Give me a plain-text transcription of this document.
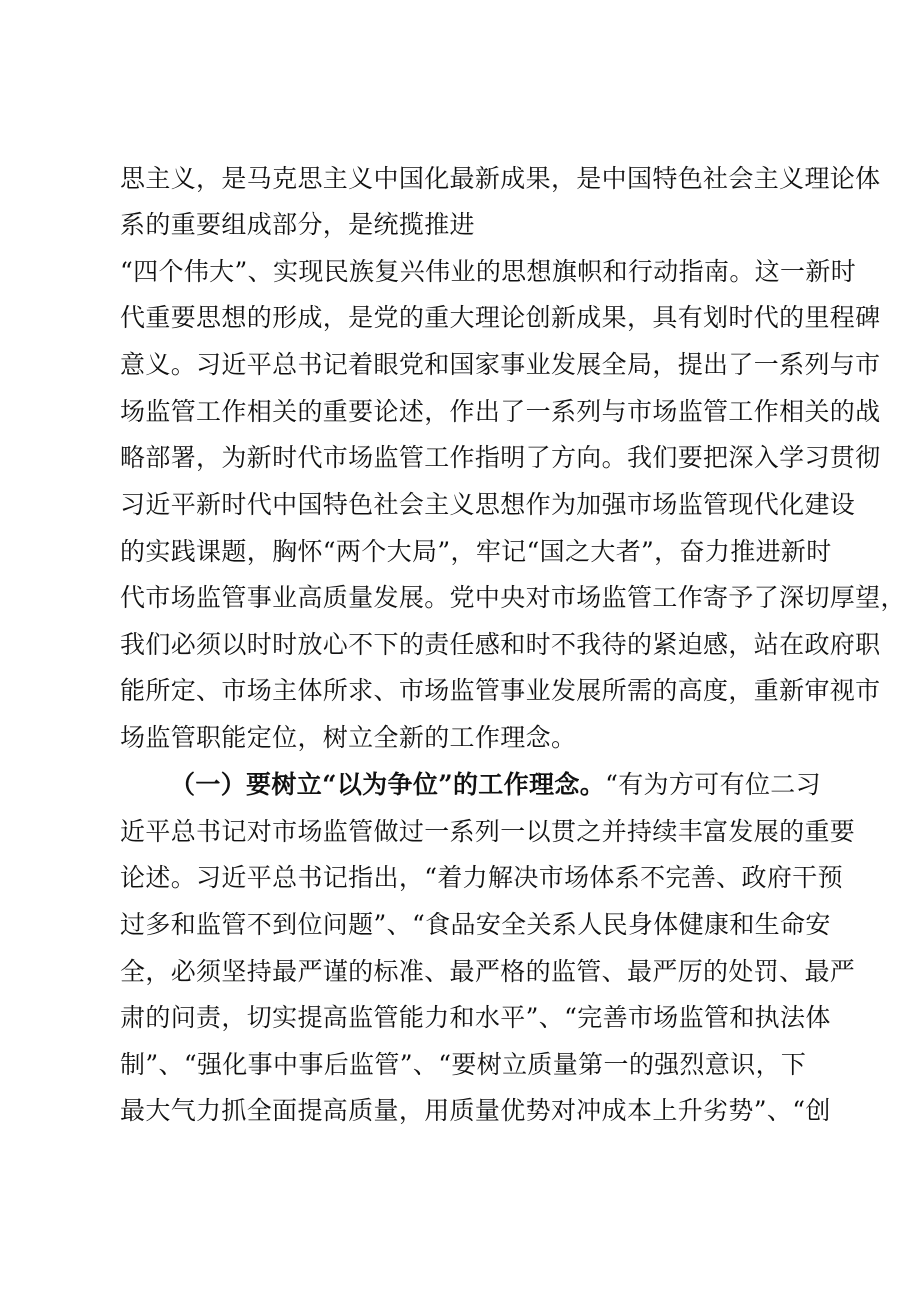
思主义，是马克思主义中国化最新成果，是中国特色社会主义理论体
系的重要组成部分，是统揽推进
“四个伟大”、实现民族复兴伟业的思想旗帜和行动指南。这一新时
代重要思想的形成，是党的重大理论创新成果，具有划时代的里程碑
意义。习近平总书记着眼党和国家事业发展全局，提出了一系列与市
场监管工作相关的重要论述，作出了一系列与市场监管工作相关的战
略部署，为新时代市场监管工作指明了方向。我们要把深入学习贯彻
习近平新时代中国特色社会主义思想作为加强市场监管现代化建设
的实践课题，胸怀“两个大局”，牢记“国之大者”，奋力推进新时
代市场监管事业高质量发展。党中央对市场监管工作寄予了深切厚望，
我们必须以时时放心不下的责任感和时不我待的紧迫感，站在政府职
能所定、市场主体所求、市场监管事业发展所需的高度，重新审视市
场监管职能定位，树立全新的工作理念。
（一）要树立“以为争位”的工作理念。“有为方可有位二习
近平总书记对市场监管做过一系列一以贯之并持续丰富发展的重要
论述。习近平总书记指出，“着力解决市场体系不完善、政府干预
过多和监管不到位问题”、“食品安全关系人民身体健康和生命安
全，必须坚持最严谨的标准、最严格的监管、最严厉的处罚、最严
肃的问责，切实提高监管能力和水平”、“完善市场监管和执法体
制”、“强化事中事后监管”、“要树立质量第一的强烈意识，下
最大气力抓全面提高质量，用质量优势对冲成本上升劣势”、“创
